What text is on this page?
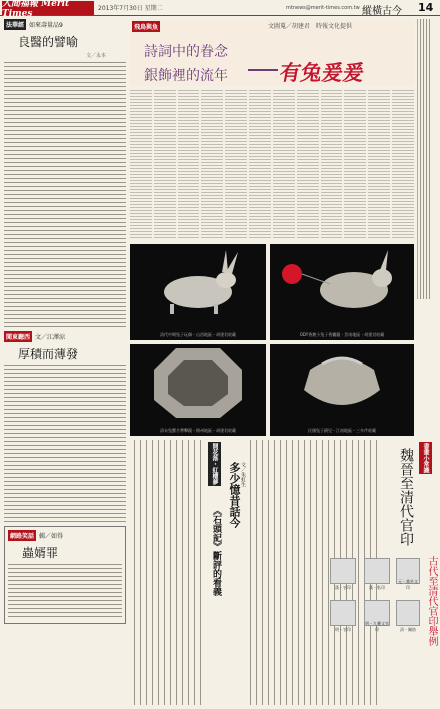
人間福報 Merit Times
2013年7月30日 星期二	mtnews@merit-times.com.tw 縱橫古今 14
法華經 如來壽量品9
良醫的譬喻
文／永本
聞東聽西 文／江澤涼
厚積而薄發
網路笑話 輯／如得
蟲婿罪
飛鳥與魚	文圖蒐／胡建君　時報文化提供
詩詞中的眷念
銀飾裡的流年 有兔爰爰
清代中期兔子玩偶・山西地區・胡建君收藏	ODY香鍍小兔子香囊擺・雲南地區・胡建君收藏
清末兔蟹月帶擊鏡・揚州地區・胡建君收藏	民國兔子鎖兒・江南地區・三多芹收藏
開花落・紅樓夢 多少憶昔話今
《石頭記》斷評的看義
文／朱虹生
書畫小常識
魏晉至清代官印
古代至清代官印舉例
漢・官印	漢・私印
元・黨外文印
明・官印
明・九疊文官印	清・關防
